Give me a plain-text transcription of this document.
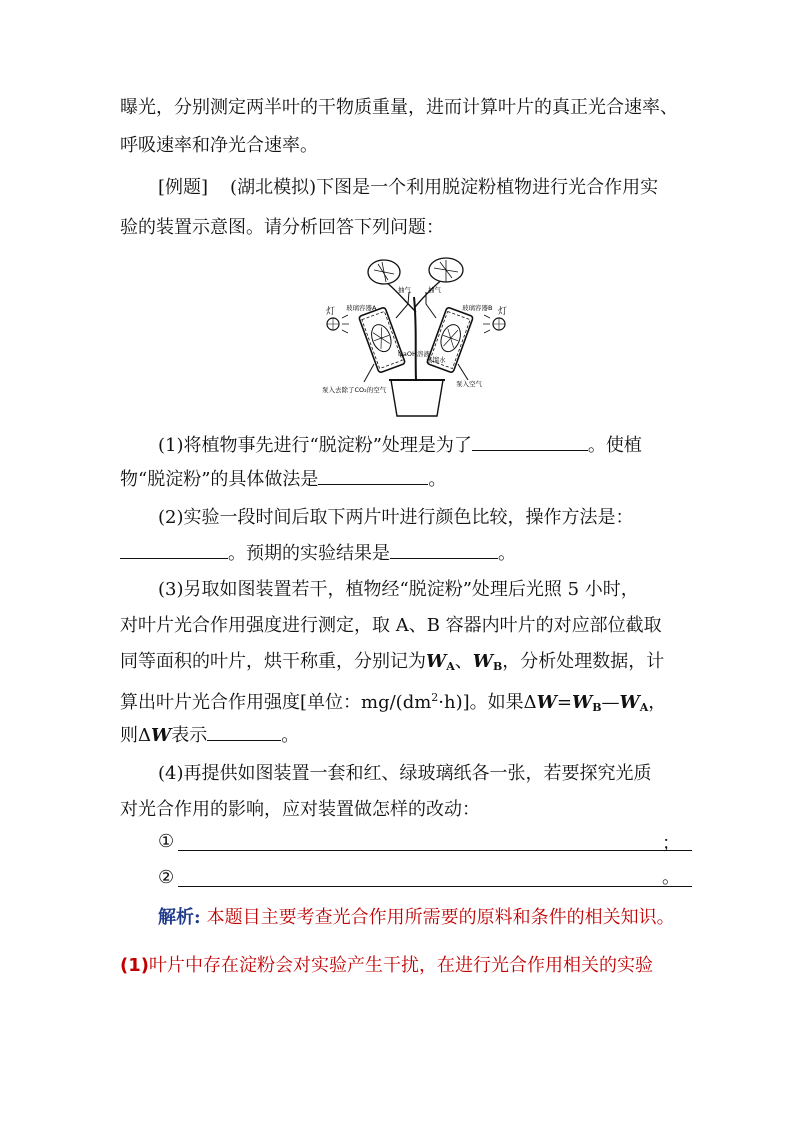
曝光，分别测定两半叶的干物质重量，进而计算叶片的真正光合速率、
呼吸速率和净光合速率。
[例题] (湖北模拟)下图是一个利用脱淀粉植物进行光合作用实
验的装置示意图。请分析回答下列问题：
灯	灯
抽气	抽气
玻璃容器A	玻璃容器B
NaOH溶液
蒸馏水
泵入去除了CO₂的空气
泵入空气
(1)将植物事先进行“脱淀粉”处理是为了	。使植
物“脱淀粉”的具体做法是	。
(2)实验一段时间后取下两片叶进行颜色比较，操作方法是：
。预期的实验结果是	。
(3)另取如图装置若干，植物经“脱淀粉”处理后光照 5 小时，
对叶片光合作用强度进行测定，取 A、B 容器内叶片的对应部位截取
同等面积的叶片，烘干称重，分别记为$W_A$、$W_B$，分析处理数据，计
算出叶片光合作用强度[单位：$mg/(dm^2\cdot h)$]。如果$\Delta W=W_B—W_A$，
则ΔW表示	。
(4)再提供如图装置一套和红、绿玻璃纸各一张，若要探究光质
对光合作用的影响，应对装置做怎样的改动：
①	；
②	。
解析: 本题目主要考查光合作用所需要的原料和条件的相关知识。
(1)叶片中存在淀粉会对实验产生干扰，在进行光合作用相关的实验
